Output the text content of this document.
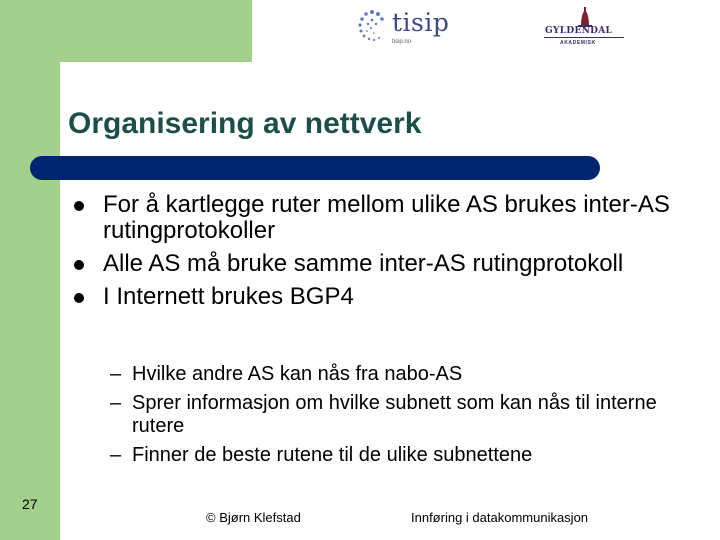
tisip
tisip.no
GYLDENDAL
AKADEMISK
Organisering av nettverk
For å kartlegge ruter mellom ulike AS brukes inter-AS rutingprotokoller
Alle AS må bruke samme inter-AS rutingprotokoll
I Internett brukes BGP4
– Hvilke andre AS kan nås fra nabo-AS
– Sprer informasjon om hvilke subnett som kan nås til interne rutere
– Finner de beste rutene til de ulike subnettene
27
© Bjørn Klefstad	Innføring i datakommunikasjon
